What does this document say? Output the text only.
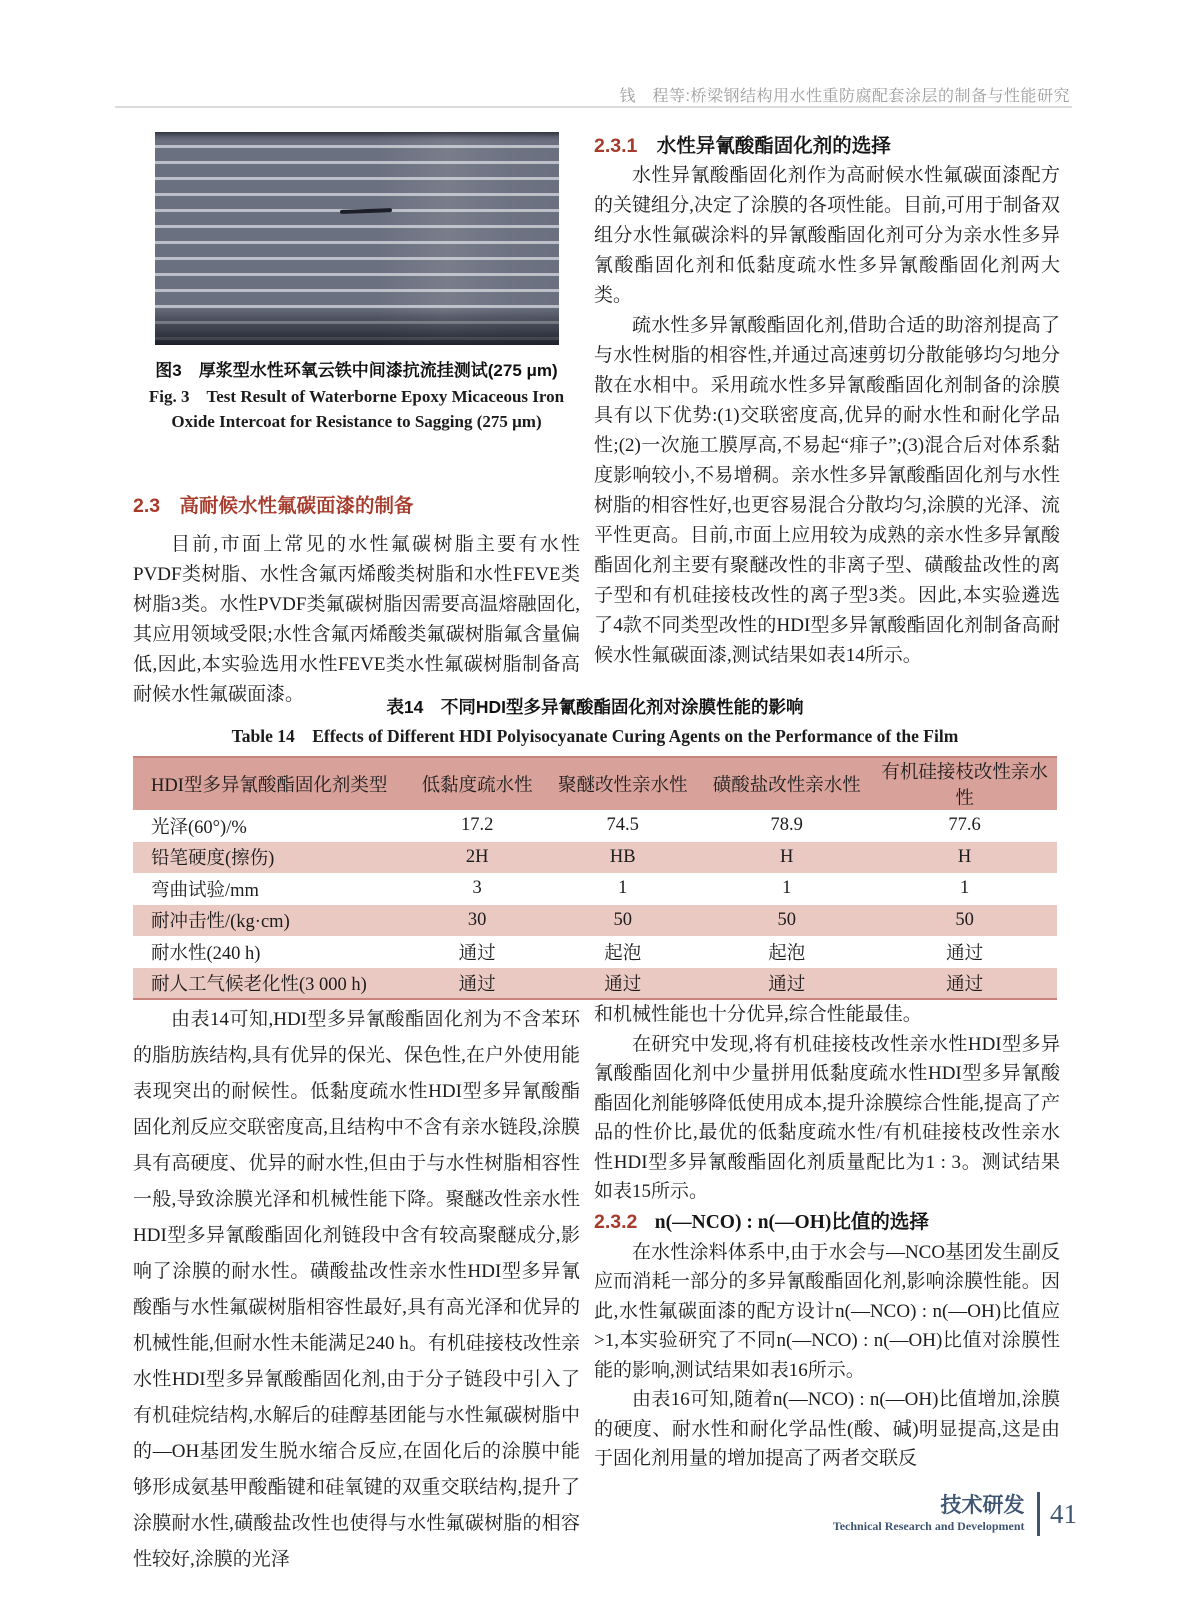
钱　程等:桥梁钢结构用水性重防腐配套涂层的制备与性能研究
图3　厚浆型水性环氧云铁中间漆抗流挂测试(275 μm)
Fig. 3　Test Result of Waterborne Epoxy Micaceous Iron
Oxide Intercoat for Resistance to Sagging (275 μm)
2.3 高耐候水性氟碳面漆的制备

目前,市面上常见的水性氟碳树脂主要有水性PVDF类树脂、水性含氟丙烯酸类树脂和水性FEVE类树脂3类。水性PVDF类氟碳树脂因需要高温熔融固化,其应用领域受限;水性含氟丙烯酸类氟碳树脂氟含量偏低,因此,本实验选用水性FEVE类水性氟碳树脂制备高耐候水性氟碳面漆。

2.3.1 水性异氰酸酯固化剂的选择

水性异氰酸酯固化剂作为高耐候水性氟碳面漆配方的关键组分,决定了涂膜的各项性能。目前,可用于制备双组分水性氟碳涂料的异氰酸酯固化剂可分为亲水性多异氰酸酯固化剂和低黏度疏水性多异氰酸酯固化剂两大类。

疏水性多异氰酸酯固化剂,借助合适的助溶剂提高了与水性树脂的相容性,并通过高速剪切分散能够均匀地分散在水相中。采用疏水性多异氰酸酯固化剂制备的涂膜具有以下优势:(1)交联密度高,优异的耐水性和耐化学品性;(2)一次施工膜厚高,不易起“痱子”;(3)混合后对体系黏度影响较小,不易增稠。亲水性多异氰酸酯固化剂与水性树脂的相容性好,也更容易混合分散均匀,涂膜的光泽、流平性更高。目前,市面上应用较为成熟的亲水性多异氰酸酯固化剂主要有聚醚改性的非离子型、磺酸盐改性的离子型和有机硅接枝改性的离子型3类。因此,本实验遴选了4款不同类型改性的HDI型多异氰酸酯固化剂制备高耐候水性氟碳面漆,测试结果如表14所示。

表14　不同HDI型多异氰酸酯固化剂对涂膜性能的影响
Table 14　Effects of Different HDI Polyisocyanate Curing Agents on the Performance of the Film
HDI型多异氰酸酯固化剂类型	低黏度疏水性	聚醚改性亲水性	磺酸盐改性亲水性	有机硅接枝改性亲水性
光泽(60°)/%	17.2	74.5	78.9	77.6
铅笔硬度(擦伤)	2H	HB	H	H
弯曲试验/mm	3	1	1	1
耐冲击性/(kg·cm)	30	50	50	50
耐水性(240 h)	通过	起泡	起泡	通过
耐人工气候老化性(3 000 h)	通过	通过	通过	通过

由表14可知,HDI型多异氰酸酯固化剂为不含苯环的脂肪族结构,具有优异的保光、保色性,在户外使用能表现突出的耐候性。低黏度疏水性HDI型多异氰酸酯固化剂反应交联密度高,且结构中不含有亲水链段,涂膜具有高硬度、优异的耐水性,但由于与水性树脂相容性一般,导致涂膜光泽和机械性能下降。聚醚改性亲水性HDI型多异氰酸酯固化剂链段中含有较高聚醚成分,影响了涂膜的耐水性。磺酸盐改性亲水性HDI型多异氰酸酯与水性氟碳树脂相容性最好,具有高光泽和优异的机械性能,但耐水性未能满足240 h。有机硅接枝改性亲水性HDI型多异氰酸酯固化剂,由于分子链段中引入了有机硅烷结构,水解后的硅醇基团能与水性氟碳树脂中的—OH基团发生脱水缩合反应,在固化后的涂膜中能够形成氨基甲酸酯键和硅氧键的双重交联结构,提升了涂膜耐水性,磺酸盐改性也使得与水性氟碳树脂的相容性较好,涂膜的光泽

和机械性能也十分优异,综合性能最佳。

在研究中发现,将有机硅接枝改性亲水性HDI型多异氰酸酯固化剂中少量拼用低黏度疏水性HDI型多异氰酸酯固化剂能够降低使用成本,提升涂膜综合性能,提高了产品的性价比,最优的低黏度疏水性/有机硅接枝改性亲水性HDI型多异氰酸酯固化剂质量配比为1 : 3。测试结果如表15所示。

2.3.2 n(—NCO) : n(—OH)比值的选择

在水性涂料体系中,由于水会与—NCO基团发生副反应而消耗一部分的多异氰酸酯固化剂,影响涂膜性能。因此,水性氟碳面漆的配方设计n(—NCO) : n(—OH)比值应>1,本实验研究了不同n(—NCO) : n(—OH)比值对涂膜性能的影响,测试结果如表16所示。

由表16可知,随着n(—NCO) : n(—OH)比值增加,涂膜的硬度、耐水性和耐化学品性(酸、碱)明显提高,这是由于固化剂用量的增加提高了两者交联反

技术研发
Technical Research and Development 41
